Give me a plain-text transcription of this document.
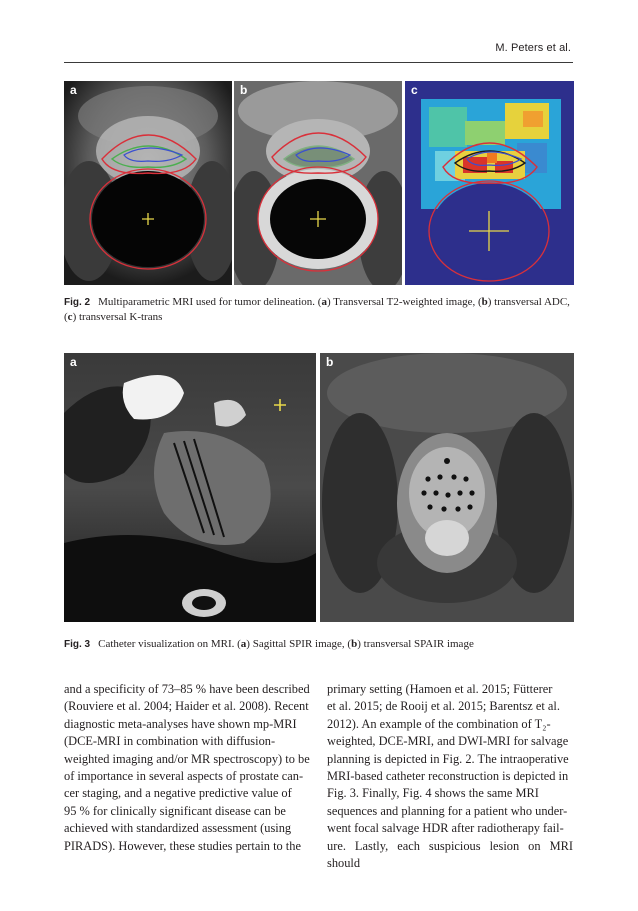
M. Peters et al.
a	b	c
Fig. 2 Multiparametric MRI used for tumor delineation. (a) Transversal T2-weighted image, (b) transversal ADC, (c) transversal K-trans
a	b
Fig. 3 Catheter visualization on MRI. (a) Sagittal SPIR image, (b) transversal SPAIR image

and a specificity of 73–85 % have been described

(Rouviere et al. 2004; Haider et al. 2008). Recent

diagnostic meta-analyses have shown mp-MRI

(DCE-MRI in combination with diffusion-

weighted imaging and/or MR spectroscopy) to be

of importance in several aspects of prostate can-

cer staging, and a negative predictive value of

95 % for clinically significant disease can be

achieved with standardized assessment (using

PIRADS). However, these studies pertain to the

primary setting (Hamoen et al. 2015; Fütterer

et al. 2015; de Rooij et al. 2015; Barentsz et al.

2012). An example of the combination of T₂-

weighted, DCE-MRI, and DWI-MRI for salvage

planning is depicted in Fig. 2. The intraoperative

MRI-based catheter reconstruction is depicted in

Fig. 3. Finally, Fig. 4 shows the same MRI

sequences and planning for a patient who under-

went focal salvage HDR after radiotherapy fail-

ure. Lastly, each suspicious lesion on MRI should
